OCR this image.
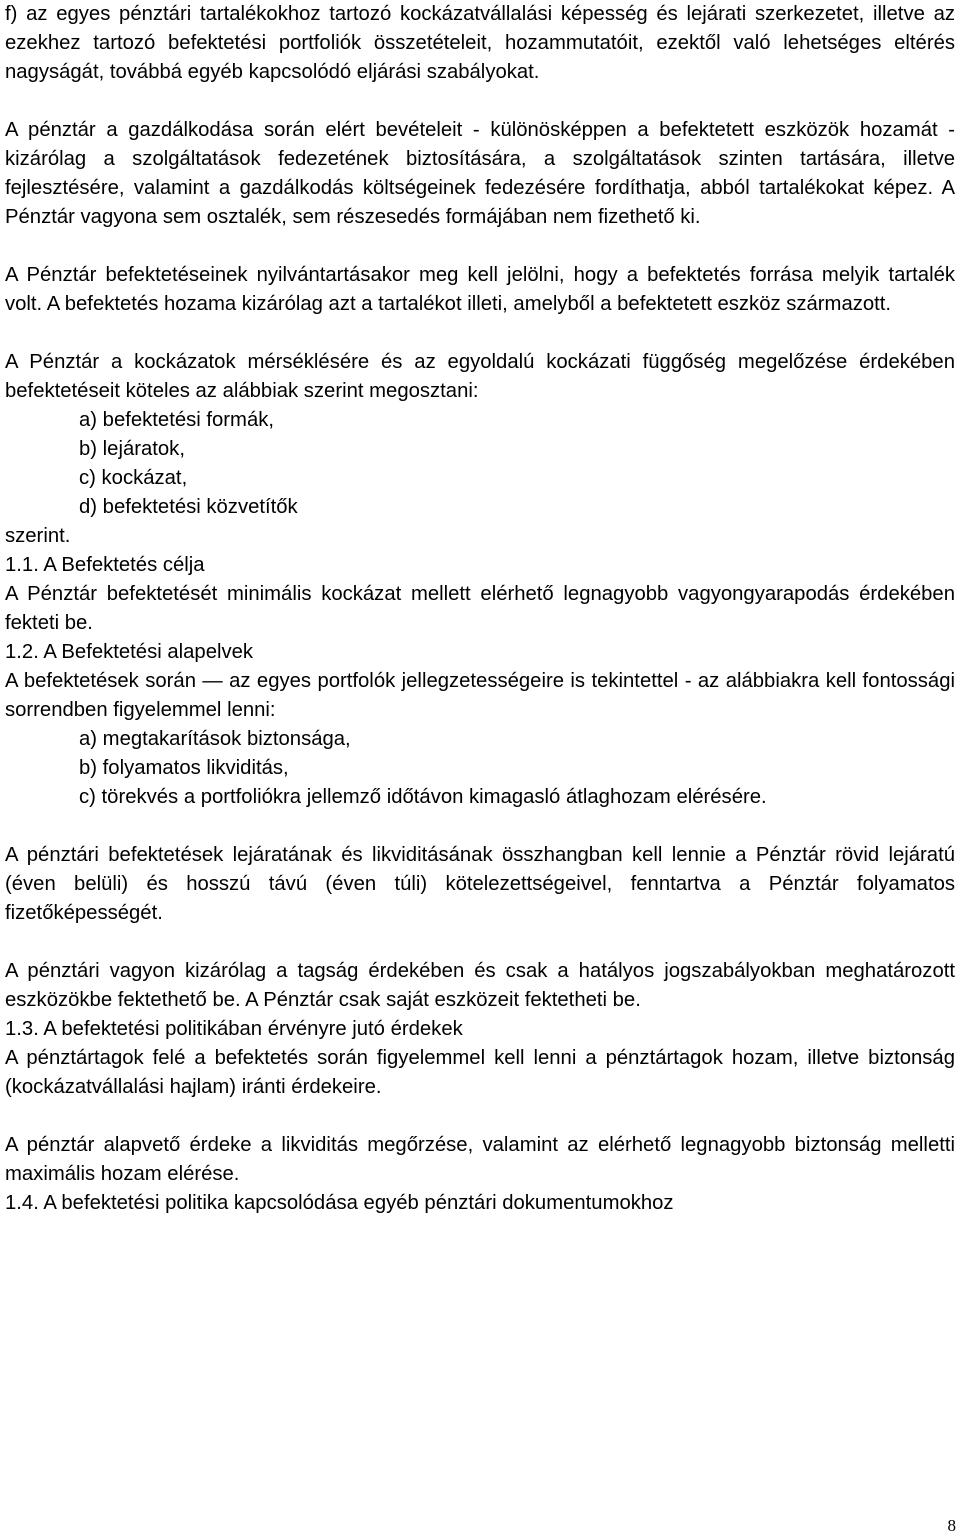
f) az egyes pénztári tartalékokhoz tartozó kockázatvállalási képesség és lejárati szerkezetet, illetve az ezekhez tartozó befektetési portfoliók összetételeit, hozammutatóit, ezektől való lehetséges eltérés nagyságát, továbbá egyéb kapcsolódó eljárási szabályokat.

A pénztár a gazdálkodása során elért bevételeit - különösképpen a befektetett eszközök hozamát - kizárólag a szolgáltatások fedezetének biztosítására, a szolgáltatások szinten tartására, illetve fejlesztésére, valamint a gazdálkodás költségeinek fedezésére fordíthatja, abból tartalékokat képez. A Pénztár vagyona sem osztalék, sem részesedés formájában nem fizethető ki.

A Pénztár befektetéseinek nyilvántartásakor meg kell jelölni, hogy a befektetés forrása melyik tartalék volt. A befektetés hozama kizárólag azt a tartalékot illeti, amelyből a befektetett eszköz származott.

A Pénztár a kockázatok mérséklésére és az egyoldalú kockázati függőség megelőzése érdekében befektetéseit köteles az alábbiak szerint megosztani:

a) befektetési formák,

b) lejáratok,

c) kockázat,

d) befektetési közvetítők

szerint.

1.1. A Befektetés célja

A Pénztár befektetését minimális kockázat mellett elérhető legnagyobb vagyongyarapodás érdekében fekteti be.

1.2. A Befektetési alapelvek

A befektetések során — az egyes portfolók jellegzetességeire is tekintettel - az alábbiakra kell fontossági sorrendben figyelemmel lenni:

a) megtakarítások biztonsága,

b) folyamatos likviditás,

c) törekvés a portfoliókra jellemző időtávon kimagasló átlaghozam elérésére.

A pénztári befektetések lejáratának és likviditásának összhangban kell lennie a Pénztár rövid lejáratú (éven belüli) és hosszú távú (éven túli) kötelezettségeivel, fenntartva a Pénztár folyamatos fizetőképességét.

A pénztári vagyon kizárólag a tagság érdekében és csak a hatályos jogszabályokban meghatározott eszközökbe fektethető be. A Pénztár csak saját eszközeit fektetheti be.

1.3. A befektetési politikában érvényre jutó érdekek

A pénztártagok felé a befektetés során figyelemmel kell lenni a pénztártagok hozam, illetve biztonság (kockázatvállalási hajlam) iránti érdekeire.

A pénztár alapvető érdeke a likviditás megőrzése, valamint az elérhető legnagyobb biztonság melletti maximális hozam elérése.

1.4. A befektetési politika kapcsolódása egyéb pénztári dokumentumokhoz

8
